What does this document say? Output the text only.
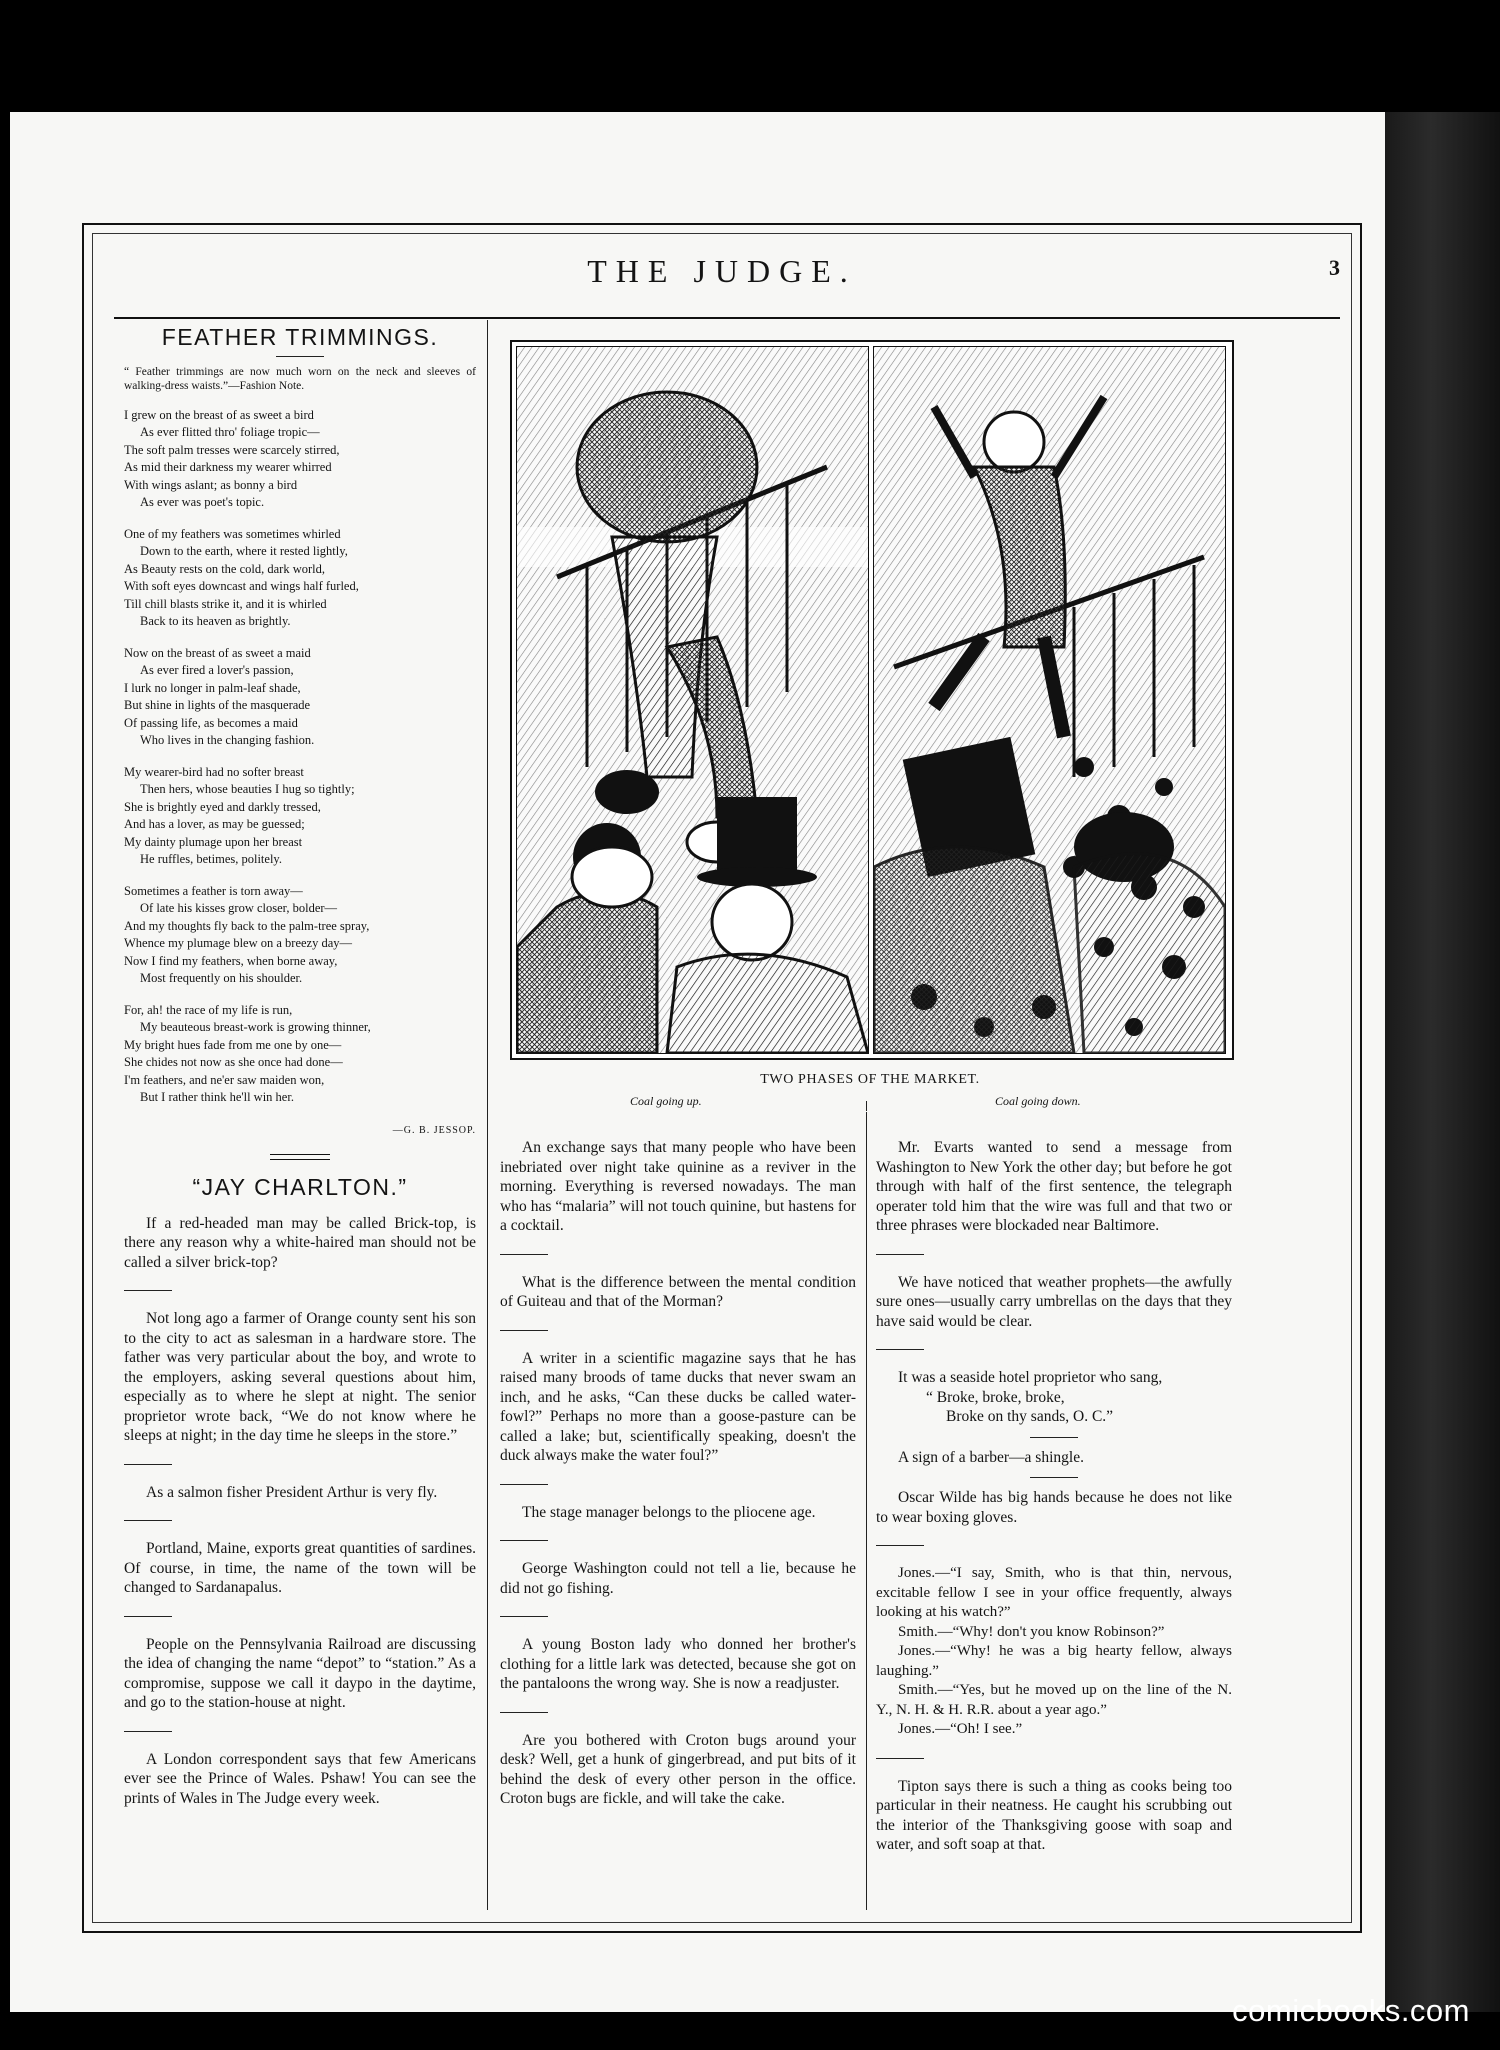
THE JUDGE.	3
FEATHER TRIMMINGS.
“ Feather trimmings are now much worn on the neck and sleeves of walking-dress waists.”—Fashion Note.
I grew on the breast of as sweet a bird
As ever flitted thro' foliage tropic—
The soft palm tresses were scarcely stirred,
As mid their darkness my wearer whirred
With wings aslant; as bonny a bird
As ever was poet's topic.
One of my feathers was sometimes whirled
Down to the earth, where it rested lightly,
As Beauty rests on the cold, dark world,
With soft eyes downcast and wings half furled,
Till chill blasts strike it, and it is whirled
Back to its heaven as brightly.
Now on the breast of as sweet a maid
As ever fired a lover's passion,
I lurk no longer in palm-leaf shade,
But shine in lights of the masquerade
Of passing life, as becomes a maid
Who lives in the changing fashion.
My wearer-bird had no softer breast
Then hers, whose beauties I hug so tightly;
She is brightly eyed and darkly tressed,
And has a lover, as may be guessed;
My dainty plumage upon her breast
He ruffles, betimes, politely.
Sometimes a feather is torn away—
Of late his kisses grow closer, bolder—
And my thoughts fly back to the palm-tree spray,
Whence my plumage blew on a breezy day—
Now I find my feathers, when borne away,
Most frequently on his shoulder.
For, ah! the race of my life is run,
My beauteous breast-work is growing thinner,
My bright hues fade from me one by one—
She chides not now as she once had done—
I'm feathers, and ne'er saw maiden won,
But I rather think he'll win her.
—G. B. JESSOP.
“JAY CHARLTON.”

If a red-headed man may be called Brick-top, is there any reason why a white-haired man should not be called a silver brick-top?

Not long ago a farmer of Orange county sent his son to the city to act as salesman in a hardware store. The father was very particular about the boy, and wrote to the employers, asking several questions about him, especially as to where he slept at night. The senior proprietor wrote back, “We do not know where he sleeps at night; in the day time he sleeps in the store.”

As a salmon fisher President Arthur is very fly.

Portland, Maine, exports great quantities of sardines. Of course, in time, the name of the town will be changed to Sardanapalus.

People on the Pennsylvania Railroad are discussing the idea of changing the name “depot” to “station.” As a compromise, suppose we call it daypo in the daytime, and go to the station-house at night.

A London correspondent says that few Americans ever see the Prince of Wales. Pshaw! You can see the prints of Wales in The Judge every week.

TWO PHASES OF THE MARKET.
Coal going up.	Coal going down.

An exchange says that many people who have been inebriated over night take quinine as a reviver in the morning. Everything is reversed nowadays. The man who has “malaria” will not touch quinine, but hastens for a cocktail.

What is the difference between the mental condition of Guiteau and that of the Morman?

A writer in a scientific magazine says that he has raised many broods of tame ducks that never swam an inch, and he asks, “Can these ducks be called water-fowl?” Perhaps no more than a goose-pasture can be called a lake; but, scientifically speaking, doesn't the duck always make the water foul?”

The stage manager belongs to the pliocene age.

George Washington could not tell a lie, because he did not go fishing.

A young Boston lady who donned her brother's clothing for a little lark was detected, because she got on the pantaloons the wrong way. She is now a readjuster.

Are you bothered with Croton bugs around your desk? Well, get a hunk of gingerbread, and put bits of it behind the desk of every other person in the office. Croton bugs are fickle, and will take the cake.

Mr. Evarts wanted to send a message from Washington to New York the other day; but before he got through with half of the first sentence, the telegraph operater told him that the wire was full and that two or three phrases were blockaded near Baltimore.

We have noticed that weather prophets—the awfully sure ones—usually carry umbrellas on the days that they have said would be clear.

It was a seaside hotel proprietor who sang,

“ Broke, broke, broke,
Broke on thy sands, O. C.”

A sign of a barber—a shingle.

Oscar Wilde has big hands because he does not like to wear boxing gloves.

Jones.—“I say, Smith, who is that thin, nervous, excitable fellow I see in your office frequently, always looking at his watch?”

Smith.—“Why! don't you know Robinson?”

Jones.—“Why! he was a big hearty fellow, always laughing.”

Smith.—“Yes, but he moved up on the line of the N. Y., N. H. & H. R.R. about a year ago.”

Jones.—“Oh! I see.”

Tipton says there is such a thing as cooks being too particular in their neatness. He caught his scrubbing out the interior of the Thanksgiving goose with soap and water, and soft soap at that.

comicbooks.com
